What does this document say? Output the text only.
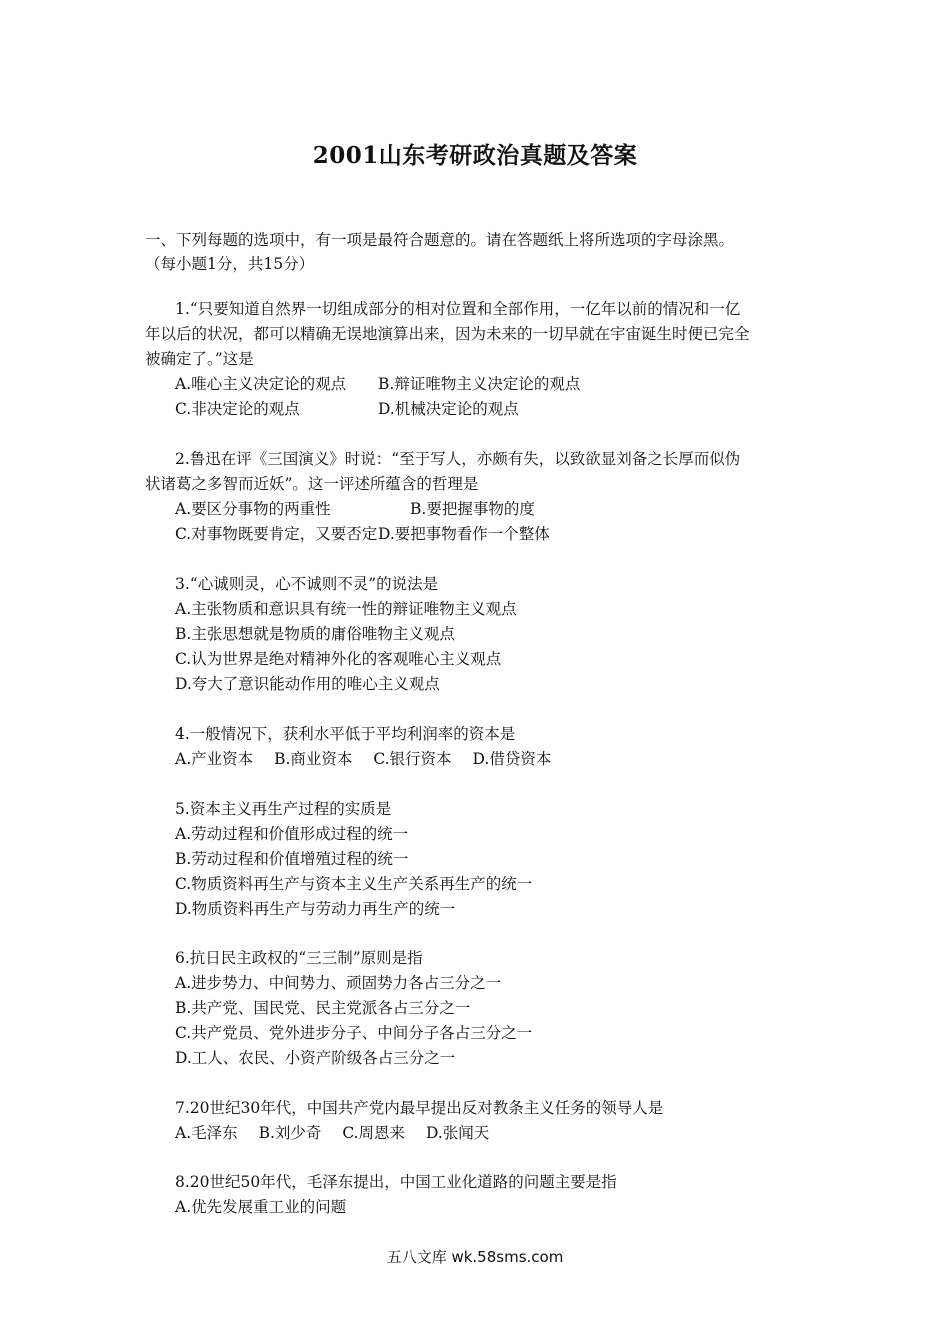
2001山东考研政治真题及答案
一、下列每题的选项中，有一项是最符合题意的。请在答题纸上将所选项的字母涂黑。
（每小题1分，共15分）
1.“只要知道自然界一切组成部分的相对位置和全部作用，一亿年以前的情况和一亿
年以后的状况，都可以精确无误地演算出来，因为未来的一切早就在宇宙诞生时便已完全
被确定了。”这是
A.唯心主义决定论的观点	B.辩证唯物主义决定论的观点
C.非决定论的观点	D.机械决定论的观点
2.鲁迅在评《三国演义》时说：“至于写人，亦颇有失，以致欲显刘备之长厚而似伪
状诸葛之多智而近妖”。这一评述所蕴含的哲理是
A.要区分事物的两重性	B.要把握事物的度
C.对事物既要肯定，又要否定 D.要把事物看作一个整体
3.“心诚则灵，心不诚则不灵”的说法是
A.主张物质和意识具有统一性的辩证唯物主义观点
B.主张思想就是物质的庸俗唯物主义观点
C.认为世界是绝对精神外化的客观唯心主义观点
D.夸大了意识能动作用的唯心主义观点
4.一般情况下，获利水平低于平均利润率的资本是
A.产业资本 B.商业资本 C.银行资本 D.借贷资本
5.资本主义再生产过程的实质是
A.劳动过程和价值形成过程的统一
B.劳动过程和价值增殖过程的统一
C.物质资料再生产与资本主义生产关系再生产的统一
D.物质资料再生产与劳动力再生产的统一
6.抗日民主政权的“三三制”原则是指
A.进步势力、中间势力、顽固势力各占三分之一
B.共产党、国民党、民主党派各占三分之一
C.共产党员、党外进步分子、中间分子各占三分之一
D.工人、农民、小资产阶级各占三分之一
7.20世纪30年代，中国共产党内最早提出反对教条主义任务的领导人是
A.毛泽东 B.刘少奇 C.周恩来 D.张闻天
8.20世纪50年代，毛泽东提出，中国工业化道路的问题主要是指
A.优先发展重工业的问题
五八文库 wk.58sms.com
